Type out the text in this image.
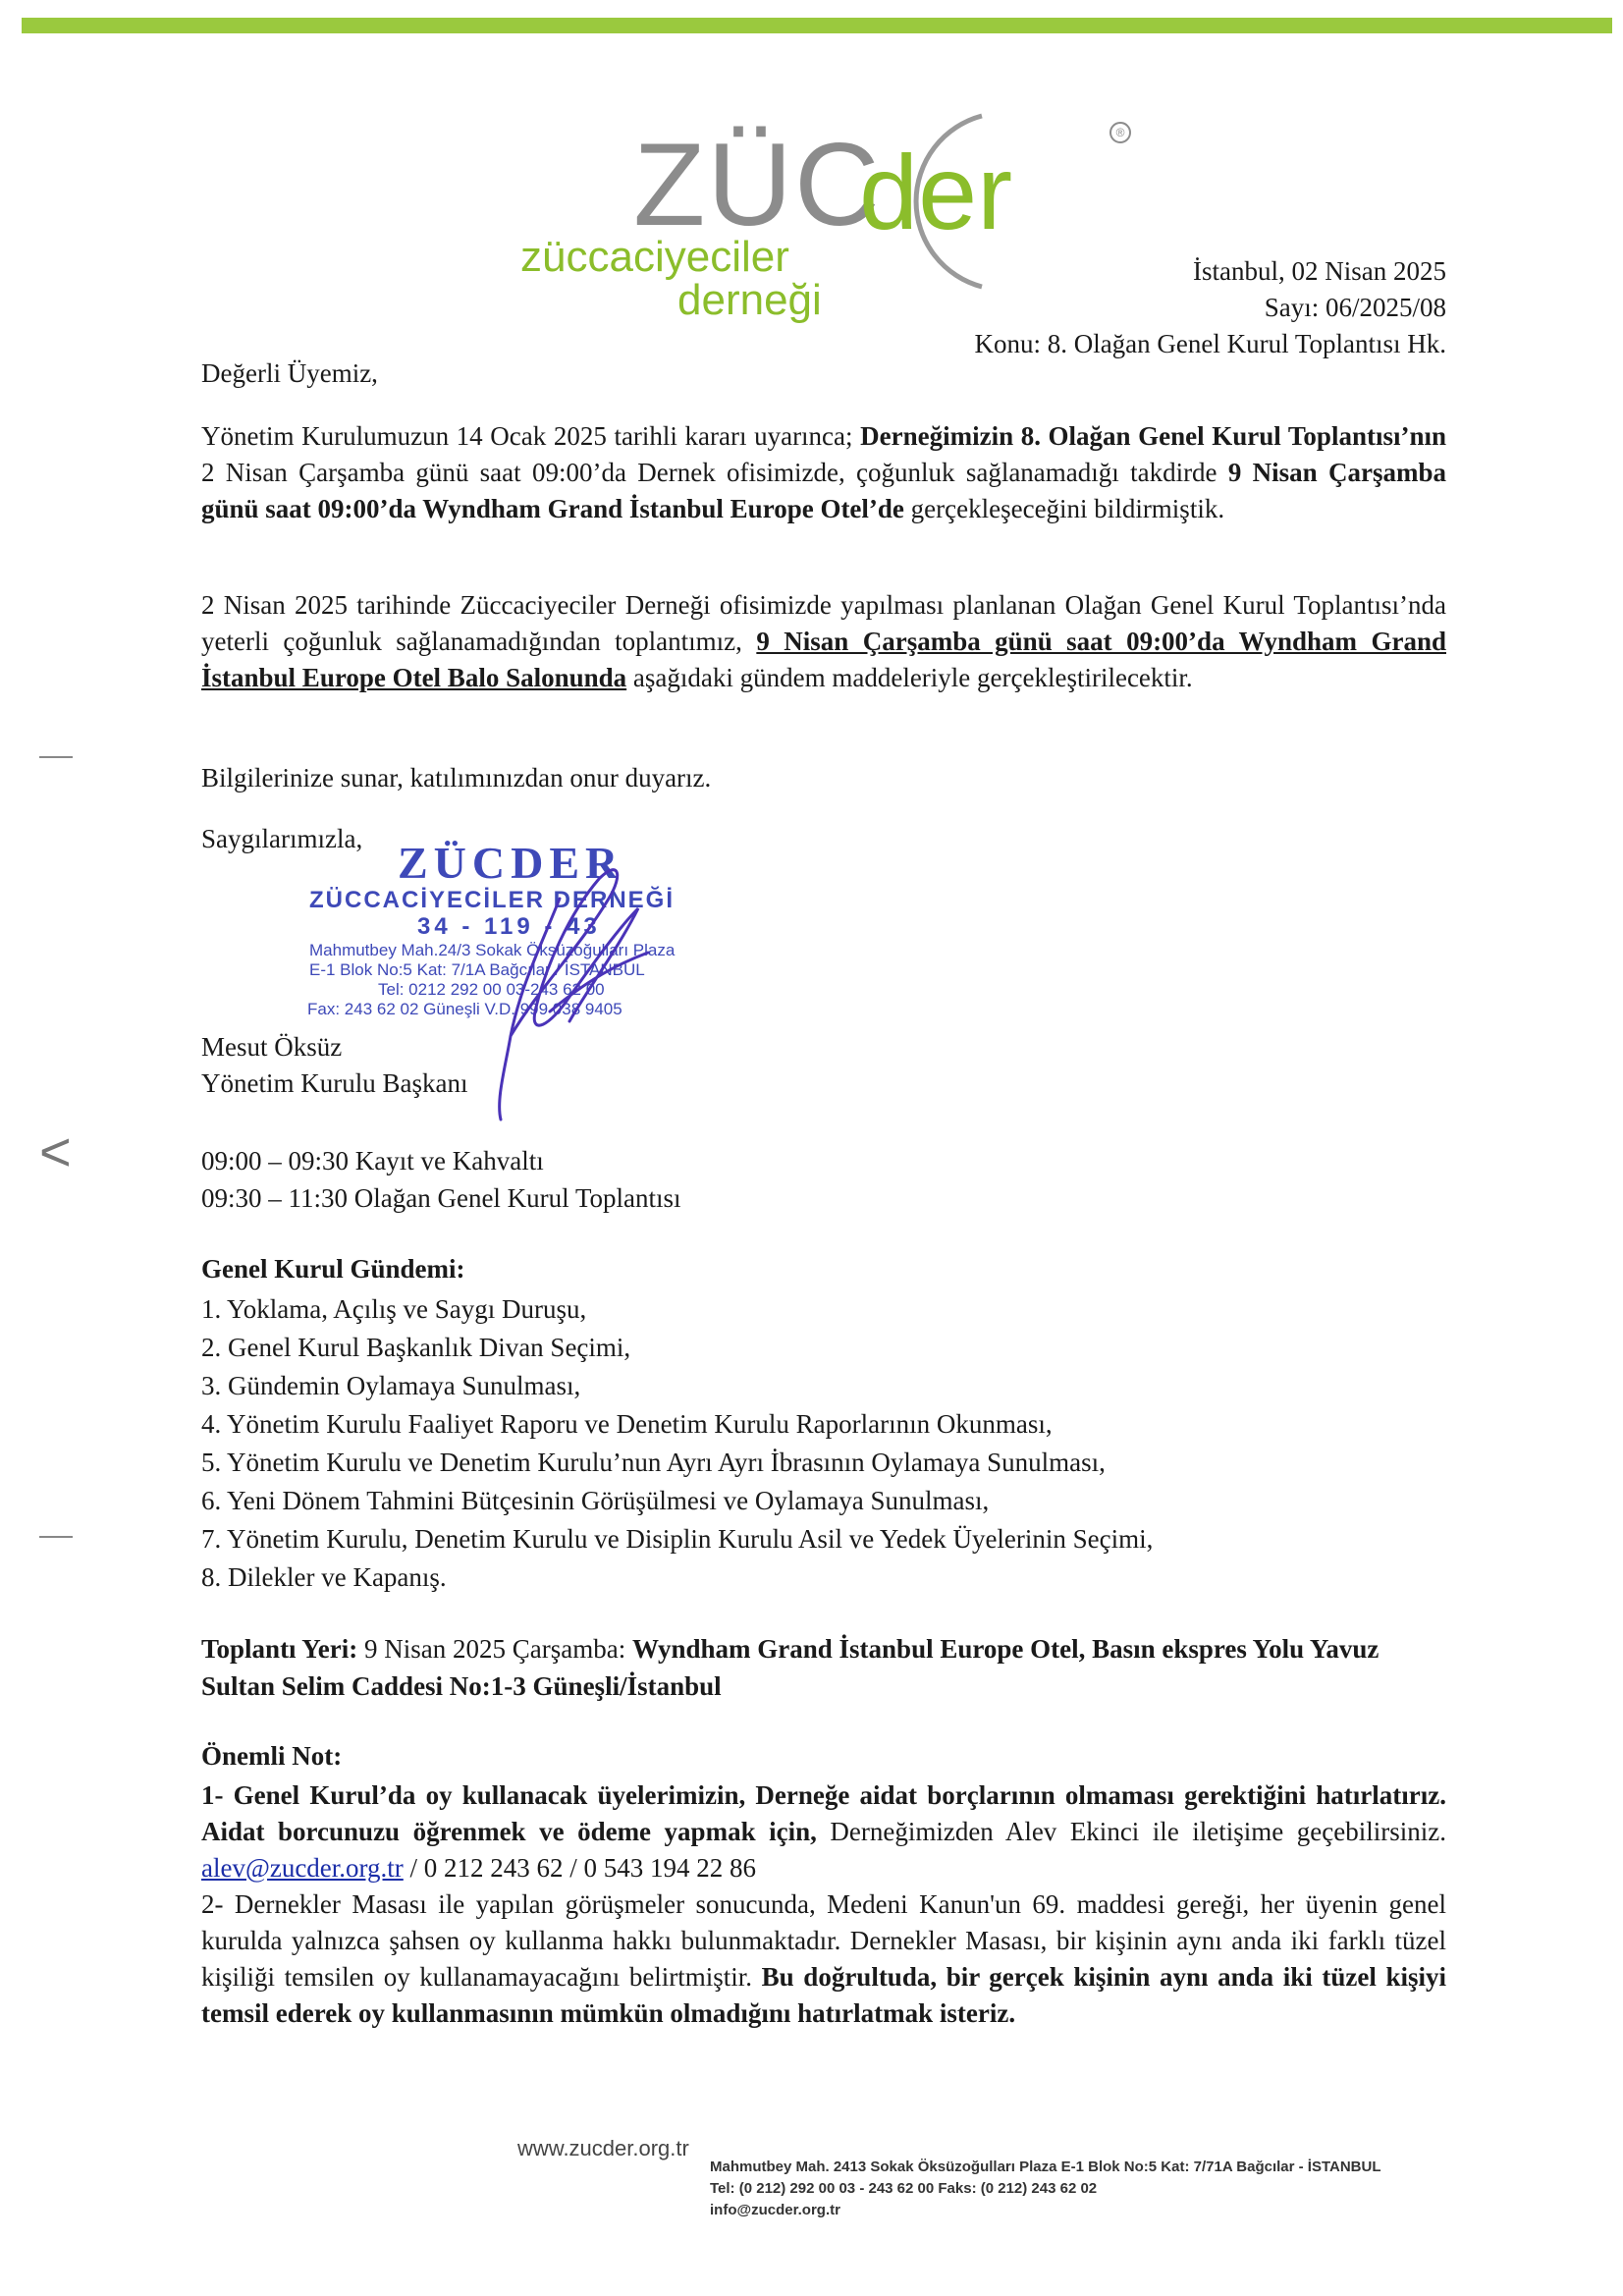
ZÜC
der	®
züccaciyeciler
derneği
İstanbul, 02 Nisan 2025
Sayı: 06/2025/08
Konu: 8. Olağan Genel Kurul Toplantısı Hk.
Değerli Üyemiz,
Yönetim Kurulumuzun 14 Ocak 2025 tarihli kararı uyarınca; Derneğimizin 8. Olağan Genel Kurul Toplantısı’nın 2 Nisan Çarşamba günü saat 09:00’da Dernek ofisimizde, çoğunluk sağlanamadığı takdirde 9 Nisan Çarşamba günü saat 09:00’da Wyndham Grand İstanbul Europe Otel’de gerçekleşeceğini bildirmiştik.
2 Nisan 2025 tarihinde Züccaciyeciler Derneği ofisimizde yapılması planlanan Olağan Genel Kurul Toplantısı’nda yeterli çoğunluk sağlanamadığından toplantımız, 9 Nisan Çarşamba günü saat 09:00’da Wyndham Grand İstanbul Europe Otel Balo Salonunda aşağıdaki gündem maddeleriyle gerçekleştirilecektir.
Bilgilerinize sunar, katılımınızdan onur duyarız.
Saygılarımızla,
<
ZÜCDER
ZÜCCACİYECİLER DERNEĞİ
34 - 119 - 43
Mahmutbey Mah.24/3 Sokak Öksüzoğulları Plaza
E-1 Blok No:5 Kat: 7/1A Bağcılar / İSTANBUL
Tel: 0212 292 00 03-243 62 00
Fax: 243 62 02 Güneşli V.D. 999 038 9405
Mesut Öksüz
Yönetim Kurulu Başkanı
09:00 – 09:30 Kayıt ve Kahvaltı
09:30 – 11:30 Olağan Genel Kurul Toplantısı
Genel Kurul Gündemi:
1. Yoklama, Açılış ve Saygı Duruşu,
2. Genel Kurul Başkanlık Divan Seçimi,
3. Gündemin Oylamaya Sunulması,
4. Yönetim Kurulu Faaliyet Raporu ve Denetim Kurulu Raporlarının Okunması,
5. Yönetim Kurulu ve Denetim Kurulu’nun Ayrı Ayrı İbrasının Oylamaya Sunulması,
6. Yeni Dönem Tahmini Bütçesinin Görüşülmesi ve Oylamaya Sunulması,
7. Yönetim Kurulu, Denetim Kurulu ve Disiplin Kurulu Asil ve Yedek Üyelerinin Seçimi,
8. Dilekler ve Kapanış.
Toplantı Yeri: 9 Nisan 2025 Çarşamba: Wyndham Grand İstanbul Europe Otel, Basın ekspres Yolu Yavuz Sultan Selim Caddesi No:1-3 Güneşli/İstanbul
Önemli Not:
1- Genel Kurul’da oy kullanacak üyelerimizin, Derneğe aidat borçlarının olmaması gerektiğini hatırlatırız. Aidat borcunuzu öğrenmek ve ödeme yapmak için, Derneğimizden Alev Ekinci ile iletişime geçebilirsiniz. alev@zucder.org.tr / 0 212 243 62 / 0 543 194 22 86
2- Dernekler Masası ile yapılan görüşmeler sonucunda, Medeni Kanun'un 69. maddesi gereği, her üyenin genel kurulda yalnızca şahsen oy kullanma hakkı bulunmaktadır. Dernekler Masası, bir kişinin aynı anda iki farklı tüzel kişiliği temsilen oy kullanamayacağını belirtmiştir. Bu doğrultuda, bir gerçek kişinin aynı anda iki tüzel kişiyi temsil ederek oy kullanmasının mümkün olmadığını hatırlatmak isteriz.
www.zucder.org.tr
Mahmutbey Mah. 2413 Sokak Öksüzoğulları Plaza E-1 Blok No:5 Kat: 7/71A Bağcılar - İSTANBUL
Tel: (0 212) 292 00 03 - 243 62 00 Faks: (0 212) 243 62 02
info@zucder.org.tr
